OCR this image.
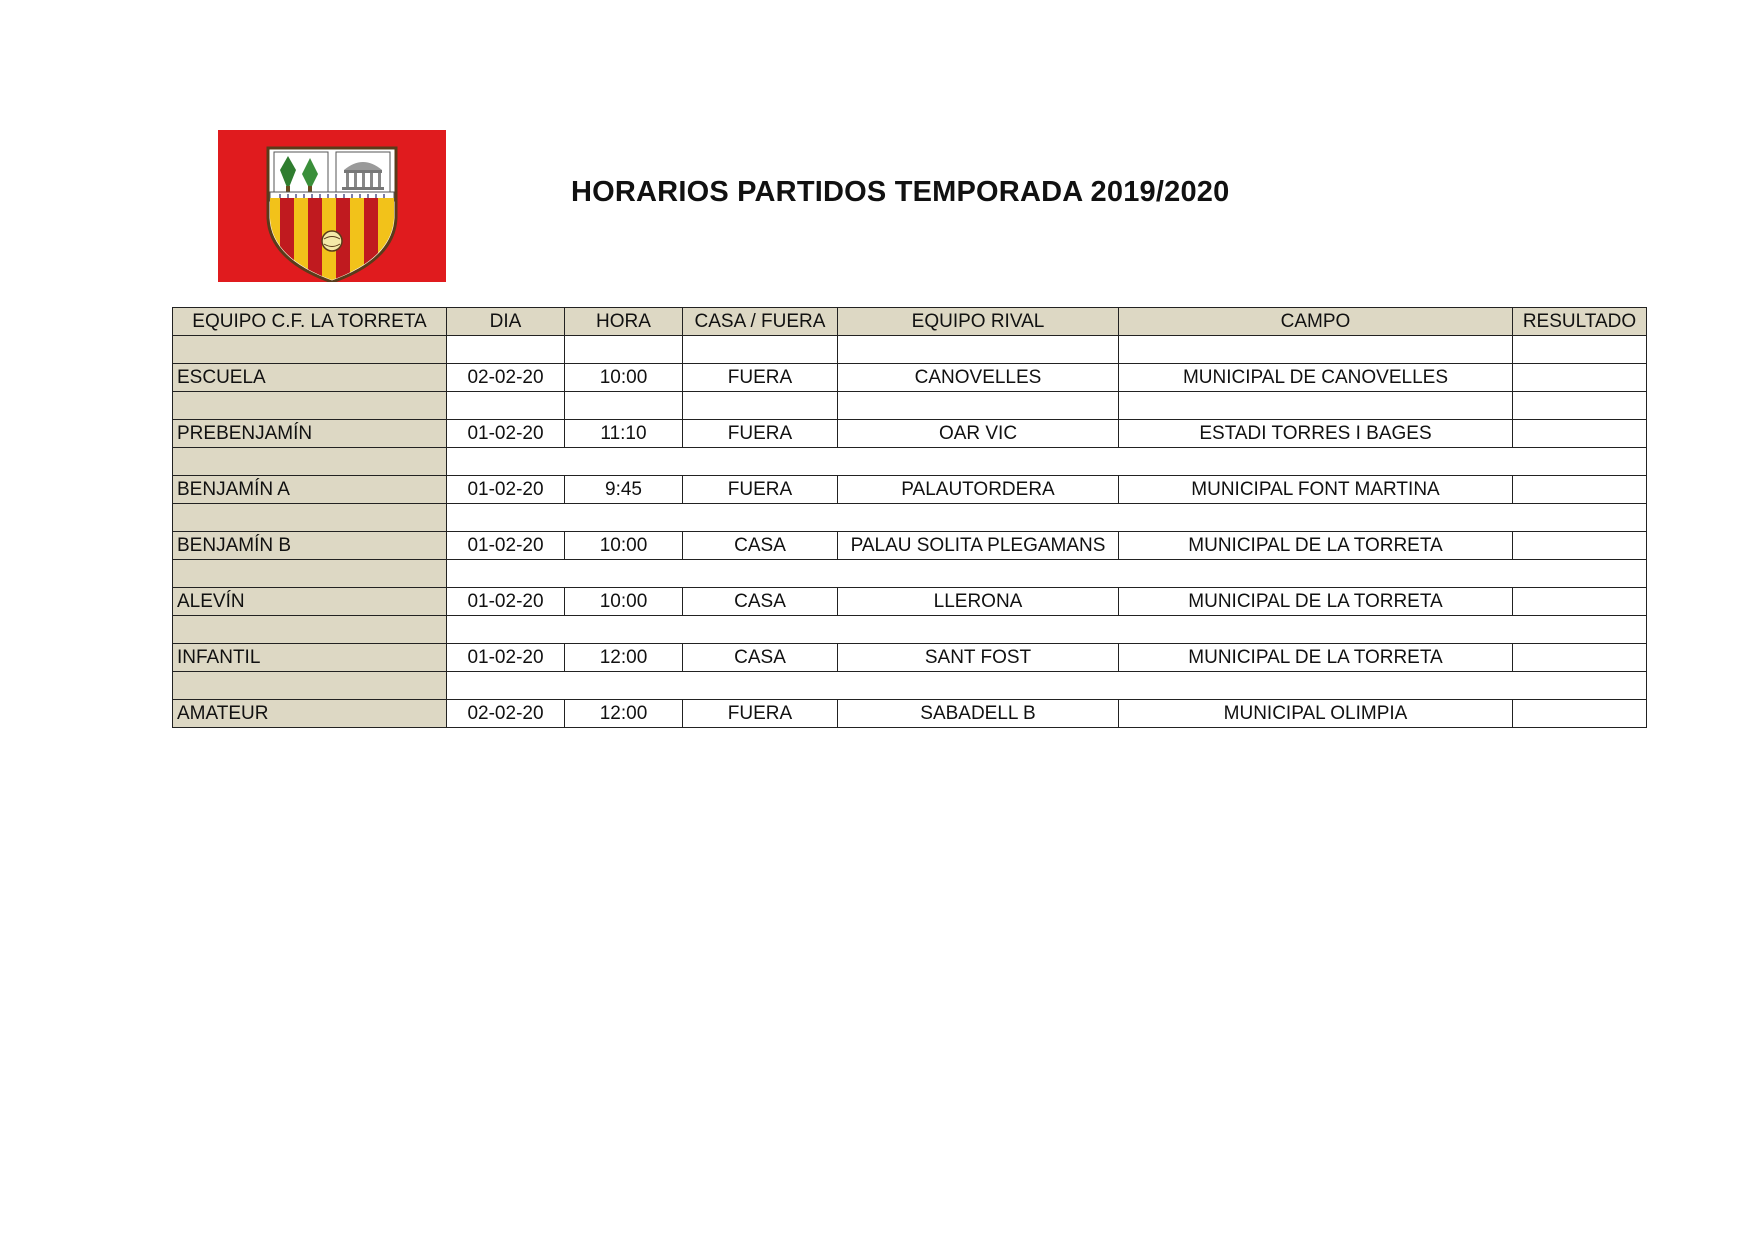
HORARIOS PARTIDOS TEMPORADA 2019/2020
EQUIPO C.F. LA TORRETA	DIA	HORA	CASA / FUERA	EQUIPO RIVAL	CAMPO	RESULTADO

ESCUELA	02-02-20	10:00	FUERA	CANOVELLES	MUNICIPAL DE CANOVELLES	

PREBENJAMÍN	01-02-20	11:10	FUERA	OAR VIC	ESTADI TORRES I BAGES	

BENJAMÍN A	01-02-20	9:45	FUERA	PALAUTORDERA	MUNICIPAL FONT MARTINA	

BENJAMÍN B	01-02-20	10:00	CASA	PALAU SOLITA PLEGAMANS	MUNICIPAL DE LA TORRETA	

ALEVÍN	01-02-20	10:00	CASA	LLERONA	MUNICIPAL DE LA TORRETA	

INFANTIL	01-02-20	12:00	CASA	SANT FOST	MUNICIPAL DE LA TORRETA	

AMATEUR	02-02-20	12:00	FUERA	SABADELL B	MUNICIPAL OLIMPIA	
